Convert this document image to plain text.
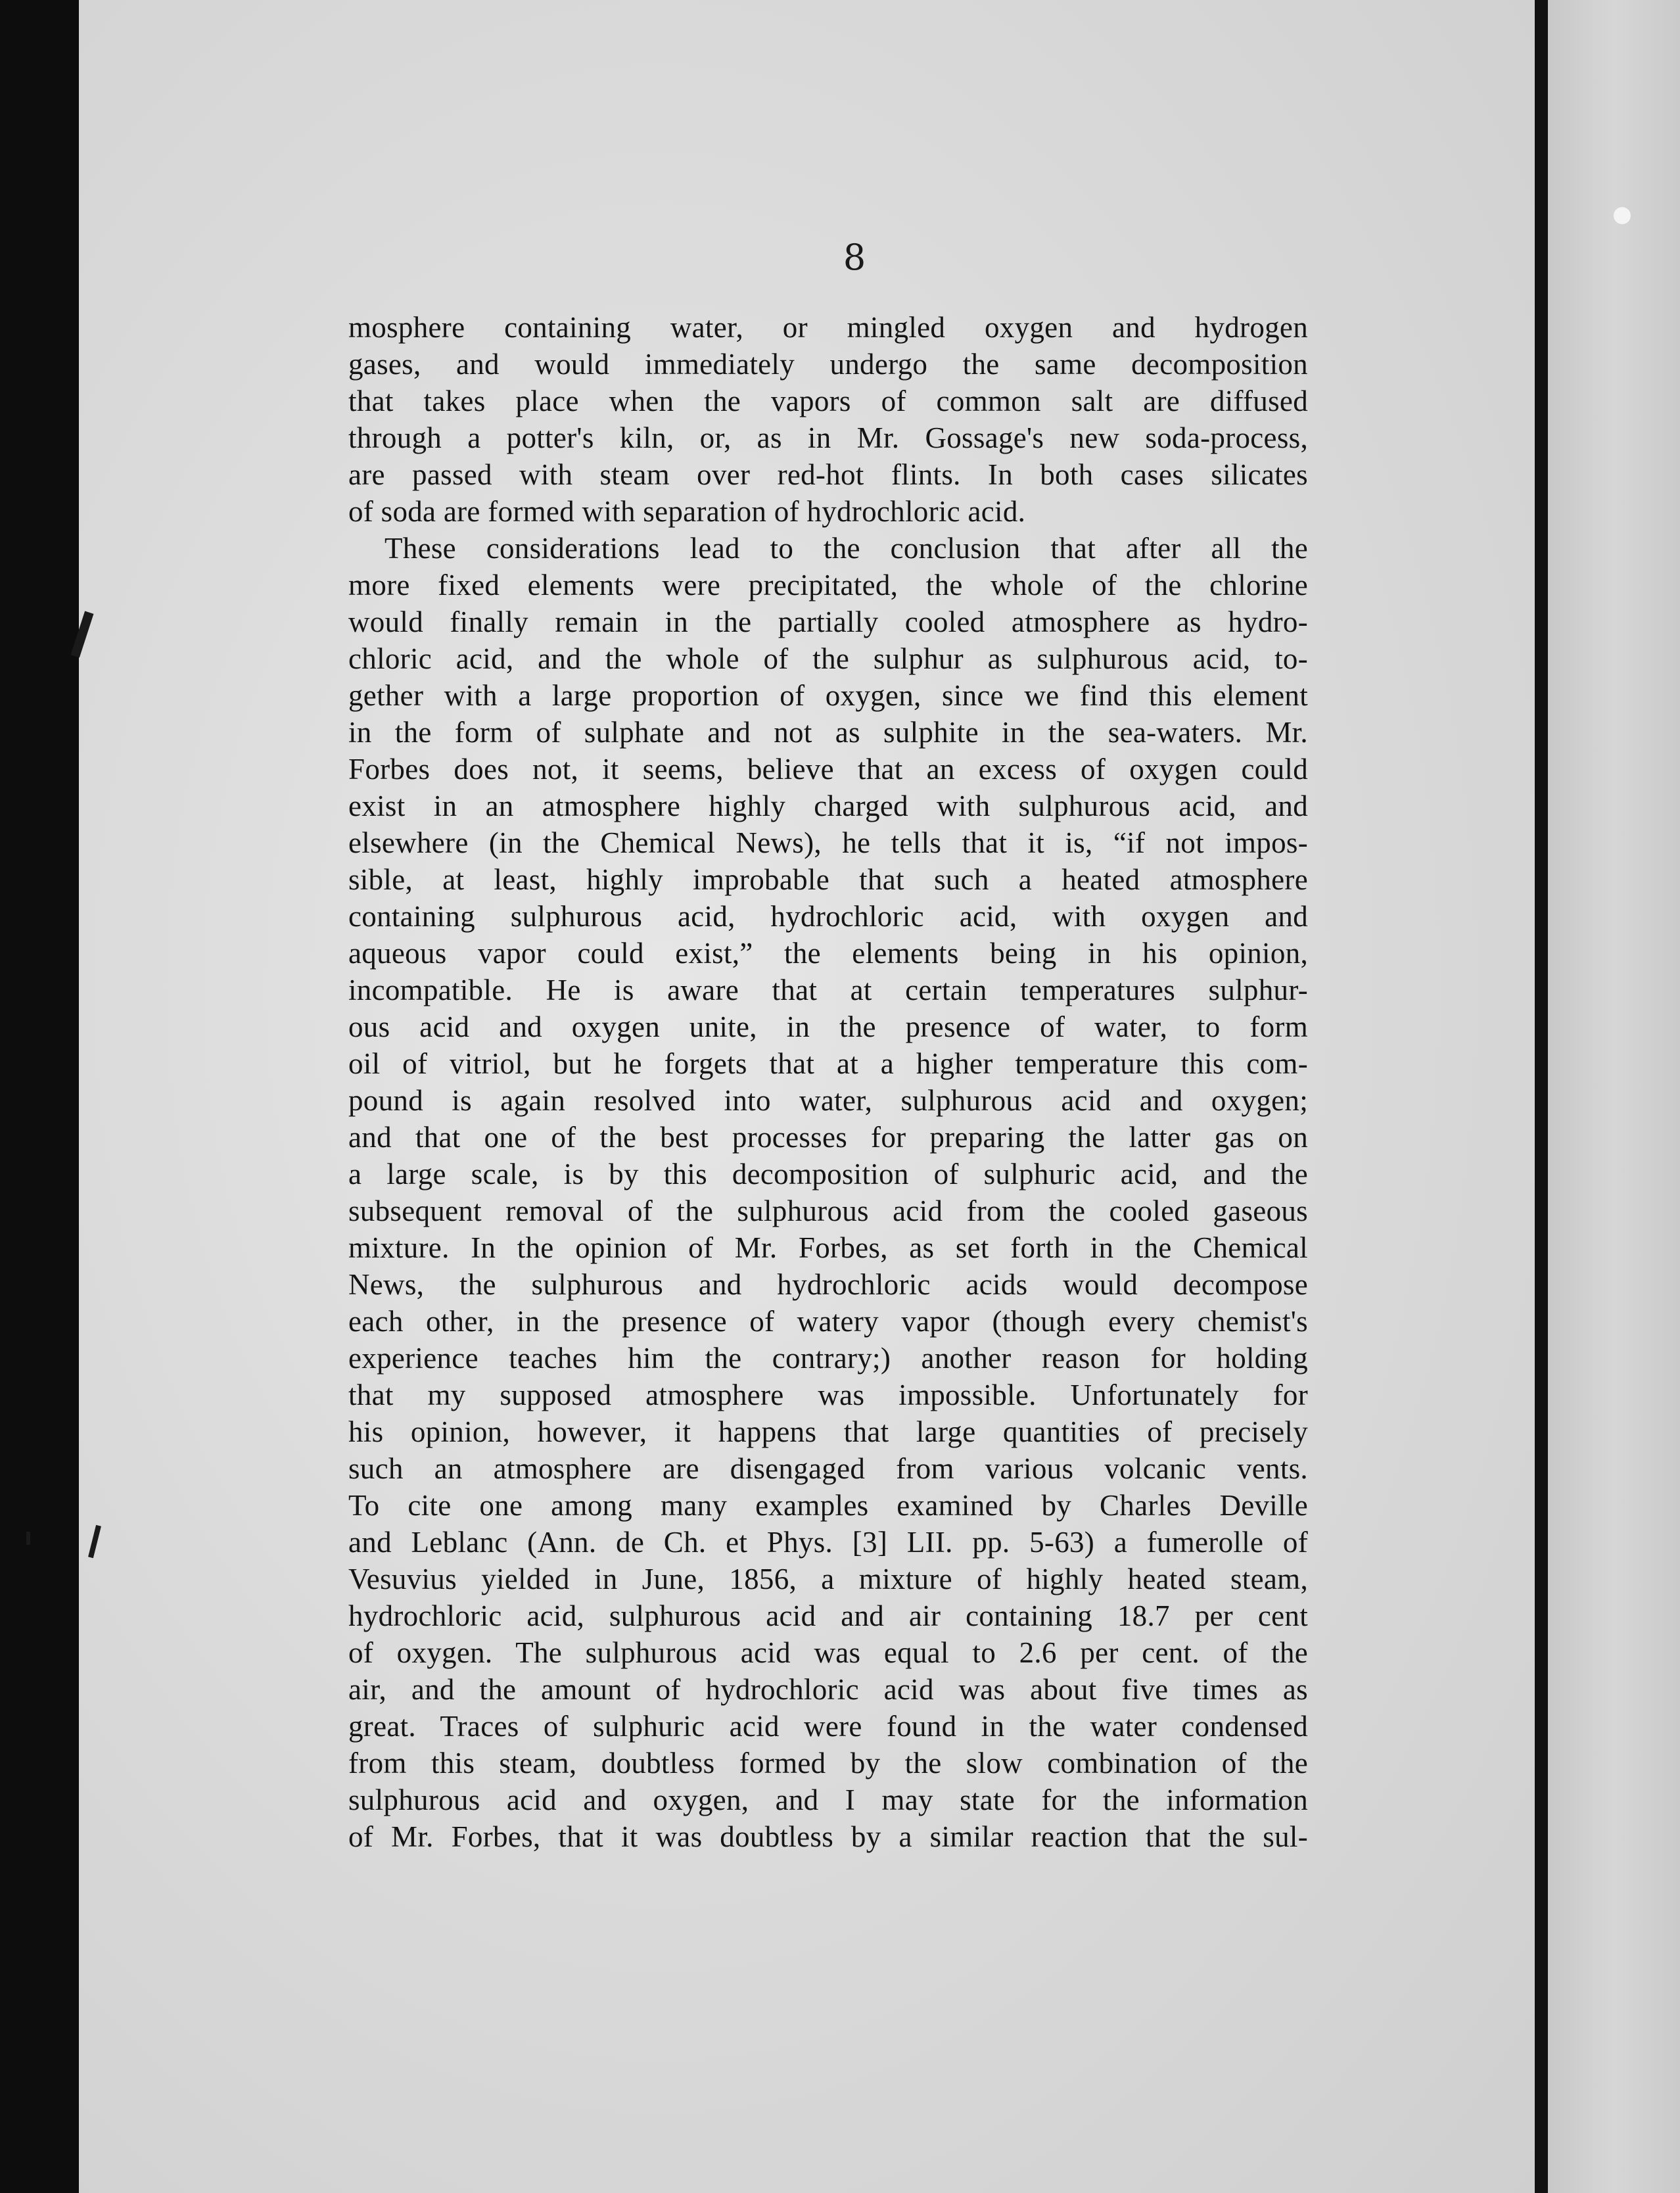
8

mosphere containing water, or mingled oxygen and hydrogen
gases, and would immediately undergo the same decomposition
that takes place when the vapors of common salt are diffused
through a potter's kiln, or, as in Mr. Gossage's new soda-process,
are passed with steam over red-hot flints. In both cases silicates
of soda are formed with separation of hydrochloric acid.

These considerations lead to the conclusion that after all the
more fixed elements were precipitated, the whole of the chlorine
would finally remain in the partially cooled atmosphere as hydro-
chloric acid, and the whole of the sulphur as sulphurous acid, to-
gether with a large proportion of oxygen, since we find this element
in the form of sulphate and not as sulphite in the sea-waters. Mr.
Forbes does not, it seems, believe that an excess of oxygen could
exist in an atmosphere highly charged with sulphurous acid, and
elsewhere (in the Chemical News), he tells that it is, “if not impos-
sible, at least, highly improbable that such a heated atmosphere
containing sulphurous acid, hydrochloric acid, with oxygen and
aqueous vapor could exist,” the elements being in his opinion,
incompatible. He is aware that at certain temperatures sulphur-
ous acid and oxygen unite, in the presence of water, to form
oil of vitriol, but he forgets that at a higher temperature this com-
pound is again resolved into water, sulphurous acid and oxygen;
and that one of the best processes for preparing the latter gas on
a large scale, is by this decomposition of sulphuric acid, and the
subsequent removal of the sulphurous acid from the cooled gaseous
mixture. In the opinion of Mr. Forbes, as set forth in the Chemical
News, the sulphurous and hydrochloric acids would decompose
each other, in the presence of watery vapor (though every chemist's
experience teaches him the contrary;) another reason for holding
that my supposed atmosphere was impossible. Unfortunately for
his opinion, however, it happens that large quantities of precisely
such an atmosphere are disengaged from various volcanic vents.
To cite one among many examples examined by Charles Deville
and Leblanc (Ann. de Ch. et Phys. [3] LII. pp. 5-63) a fumerolle of
Vesuvius yielded in June, 1856, a mixture of highly heated steam,
hydrochloric acid, sulphurous acid and air containing 18.7 per cent
of oxygen. The sulphurous acid was equal to 2.6 per cent. of the
air, and the amount of hydrochloric acid was about five times as
great. Traces of sulphuric acid were found in the water condensed
from this steam, doubtless formed by the slow combination of the
sulphurous acid and oxygen, and I may state for the information
of Mr. Forbes, that it was doubtless by a similar reaction that the sul-
